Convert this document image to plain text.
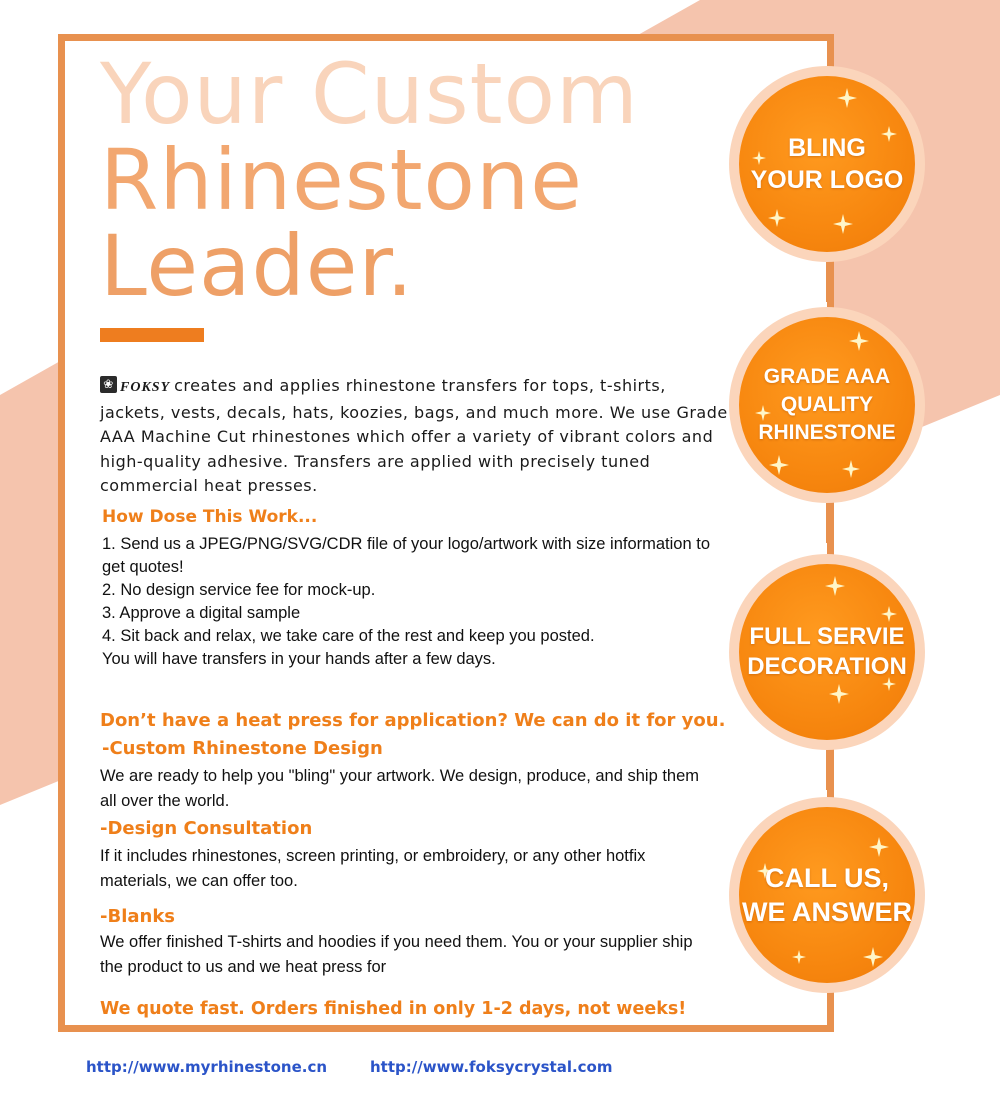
Your Custom
Rhinestone
Leader.

❀ FOKSY creates and applies rhinestone transfers for tops, t-shirts, jackets, vests, decals, hats, koozies, bags, and much more. We use Grade AAA Machine Cut rhinestones which offer a variety of vibrant colors and high-quality adhesive. Transfers are applied with precisely tuned commercial heat presses.

How Dose This Work...
1. Send us a JPEG/PNG/SVG/CDR file of your logo/artwork with size information to get quotes!
2. No design service fee for mock-up.
3. Approve a digital sample
4. Sit back and relax, we take care of the rest and keep you posted.
You will have transfers in your hands after a few days.
Don’t have a heat press for application? We can do it for you.
-Custom Rhinestone Design

We are ready to help you "bling" your artwork. We design, produce, and ship them all over the world.

-Design Consultation

If it includes rhinestones, screen printing, or embroidery, or any other hotfix materials, we can offer too.

-Blanks

We offer finished T-shirts and hoodies if you need them. You or your supplier ship the product to us and we heat press for

We quote fast. Orders finished in only 1-2 days, not weeks!
BLING
YOUR LOGO
GRADE AAA
QUALITY
RHINESTONE
FULL SERVIE
DECORATION
CALL US,
WE ANSWER
http://www.myrhinestone.cn	http://www.foksycrystal.com
